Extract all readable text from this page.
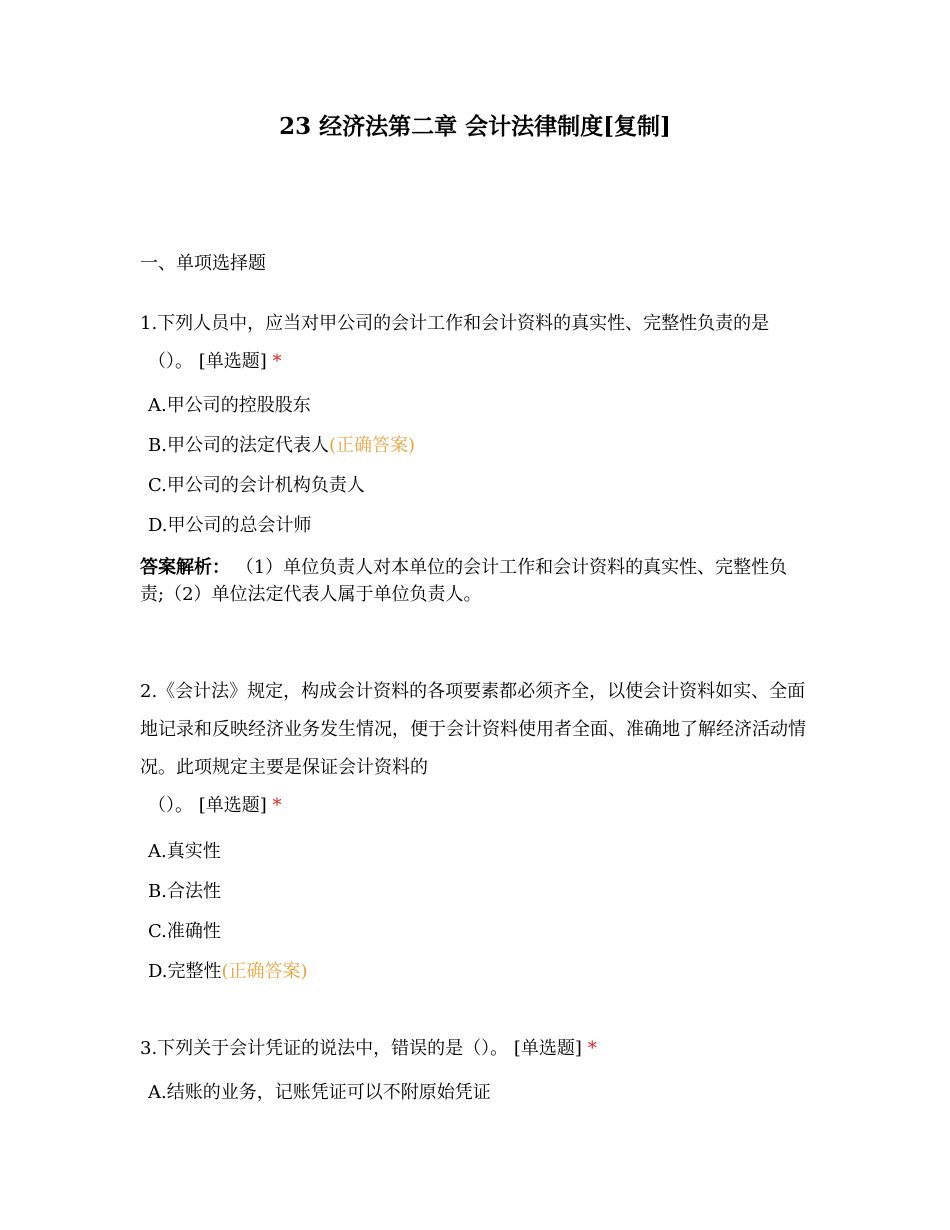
23 经济法第二章 会计法律制度[复制]
一、单项选择题
1.下列人员中，应当对甲公司的会计工作和会计资料的真实性、完整性负责的是
（）。 [单选题] *
A.甲公司的控股股东
B.甲公司的法定代表人(正确答案)
C.甲公司的会计机构负责人
D.甲公司的总会计师
答案解析： （1）单位负责人对本单位的会计工作和会计资料的真实性、完整性负责;（2）单位法定代表人属于单位负责人。
2.《会计法》规定，构成会计资料的各项要素都必须齐全，以使会计资料如实、全面地记录和反映经济业务发生情况，便于会计资料使用者全面、准确地了解经济活动情况。此项规定主要是保证会计资料的
（）。 [单选题] *
A.真实性
B.合法性
C.准确性
D.完整性(正确答案)
3.下列关于会计凭证的说法中，错误的是（）。 [单选题] *
A.结账的业务，记账凭证可以不附原始凭证
